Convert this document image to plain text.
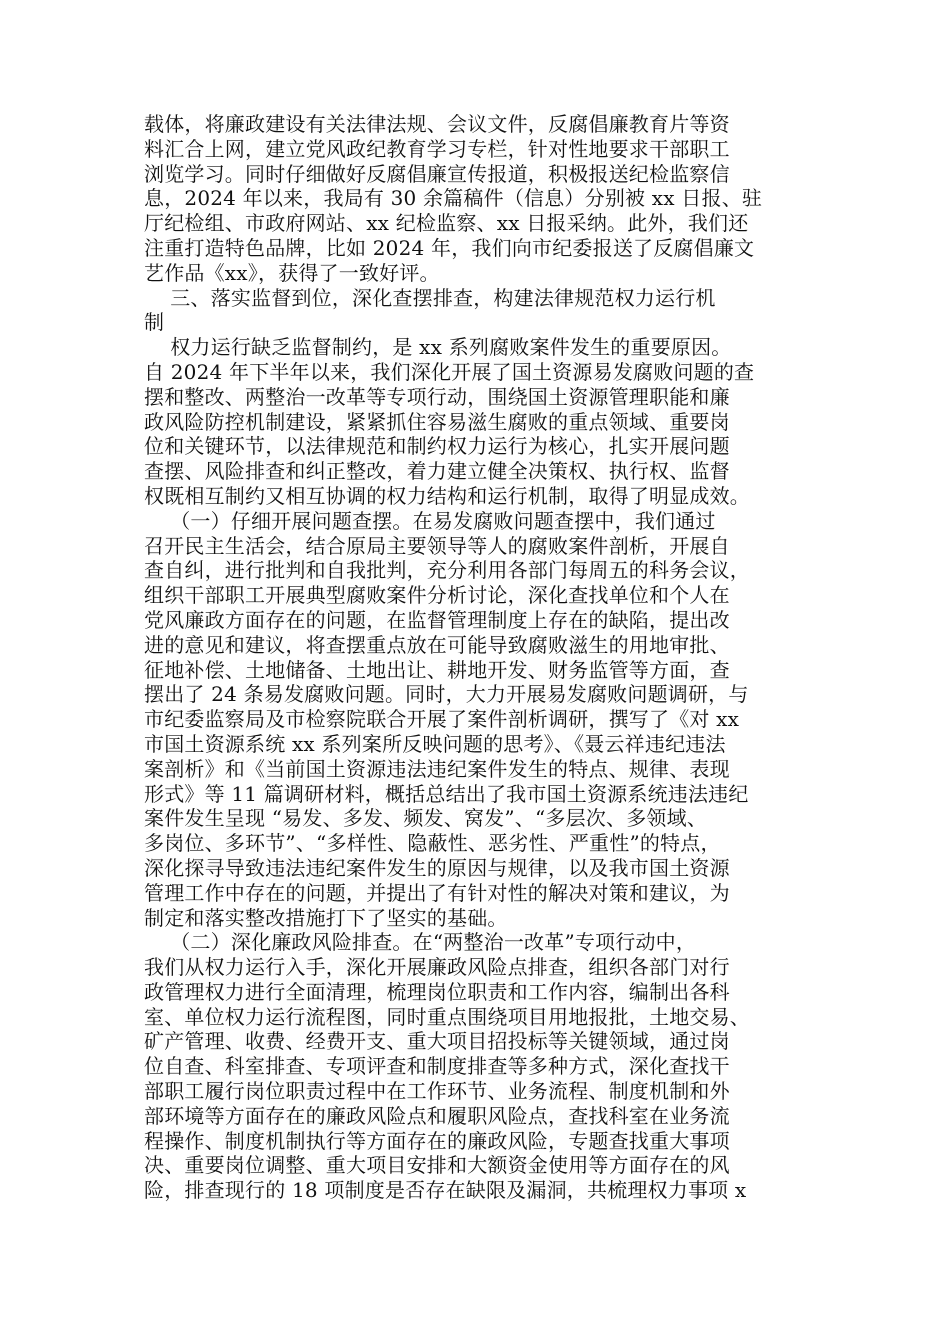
载体，将廉政建设有关法律法规、会议文件，反腐倡廉教育片等资
料汇合上网，建立党风政纪教育学习专栏，针对性地要求干部职工
浏览学习。同时仔细做好反腐倡廉宣传报道，积极报送纪检监察信
息，2024 年以来，我局有 30 余篇稿件（信息）分别被 xx 日报、驻
厅纪检组、市政府网站、xx 纪检监察、xx 日报采纳。此外，我们还
注重打造特色品牌，比如 2024 年，我们向市纪委报送了反腐倡廉文
艺作品《xx》，获得了一致好评。
三、落实监督到位，深化查摆排查，构建法律规范权力运行机
制
权力运行缺乏监督制约，是 xx 系列腐败案件发生的重要原因。
自 2024 年下半年以来，我们深化开展了国土资源易发腐败问题的查
摆和整改、两整治一改革等专项行动，围绕国土资源管理职能和廉
政风险防控机制建设，紧紧抓住容易滋生腐败的重点领域、重要岗
位和关键环节，以法律规范和制约权力运行为核心，扎实开展问题
查摆、风险排查和纠正整改，着力建立健全决策权、执行权、监督
权既相互制约又相互协调的权力结构和运行机制，取得了明显成效。
（一）仔细开展问题查摆。在易发腐败问题查摆中，我们通过
召开民主生活会，结合原局主要领导等人的腐败案件剖析，开展自
查自纠，进行批判和自我批判，充分利用各部门每周五的科务会议，
组织干部职工开展典型腐败案件分析讨论，深化查找单位和个人在
党风廉政方面存在的问题，在监督管理制度上存在的缺陷，提出改
进的意见和建议，将查摆重点放在可能导致腐败滋生的用地审批、
征地补偿、土地储备、土地出让、耕地开发、财务监管等方面，查
摆出了 24 条易发腐败问题。同时，大力开展易发腐败问题调研，与
市纪委监察局及市检察院联合开展了案件剖析调研，撰写了《对 xx
市国土资源系统 xx 系列案所反映问题的思考》、《聂云祥违纪违法
案剖析》和《当前国土资源违法违纪案件发生的特点、规律、表现
形式》等 11 篇调研材料，概括总结出了我市国土资源系统违法违纪
案件发生呈现 “易发、多发、频发、窝发”、“多层次、多领域、
多岗位、多环节”、“多样性、隐蔽性、恶劣性、严重性”的特点，
深化探寻导致违法违纪案件发生的原因与规律，以及我市国土资源
管理工作中存在的问题，并提出了有针对性的解决对策和建议，为
制定和落实整改措施打下了坚实的基础。
（二）深化廉政风险排查。在“两整治一改革”专项行动中，
我们从权力运行入手，深化开展廉政风险点排查，组织各部门对行
政管理权力进行全面清理，梳理岗位职责和工作内容，编制出各科
室、单位权力运行流程图，同时重点围绕项目用地报批，土地交易、
矿产管理、收费、经费开支、重大项目招投标等关键领域，通过岗
位自查、科室排查、专项评查和制度排查等多种方式，深化查找干
部职工履行岗位职责过程中在工作环节、业务流程、制度机制和外
部环境等方面存在的廉政风险点和履职风险点，查找科室在业务流
程操作、制度机制执行等方面存在的廉政风险，专题查找重大事项
决、重要岗位调整、重大项目安排和大额资金使用等方面存在的风
险，排查现行的 18 项制度是否存在缺限及漏洞，共梳理权力事项 x
